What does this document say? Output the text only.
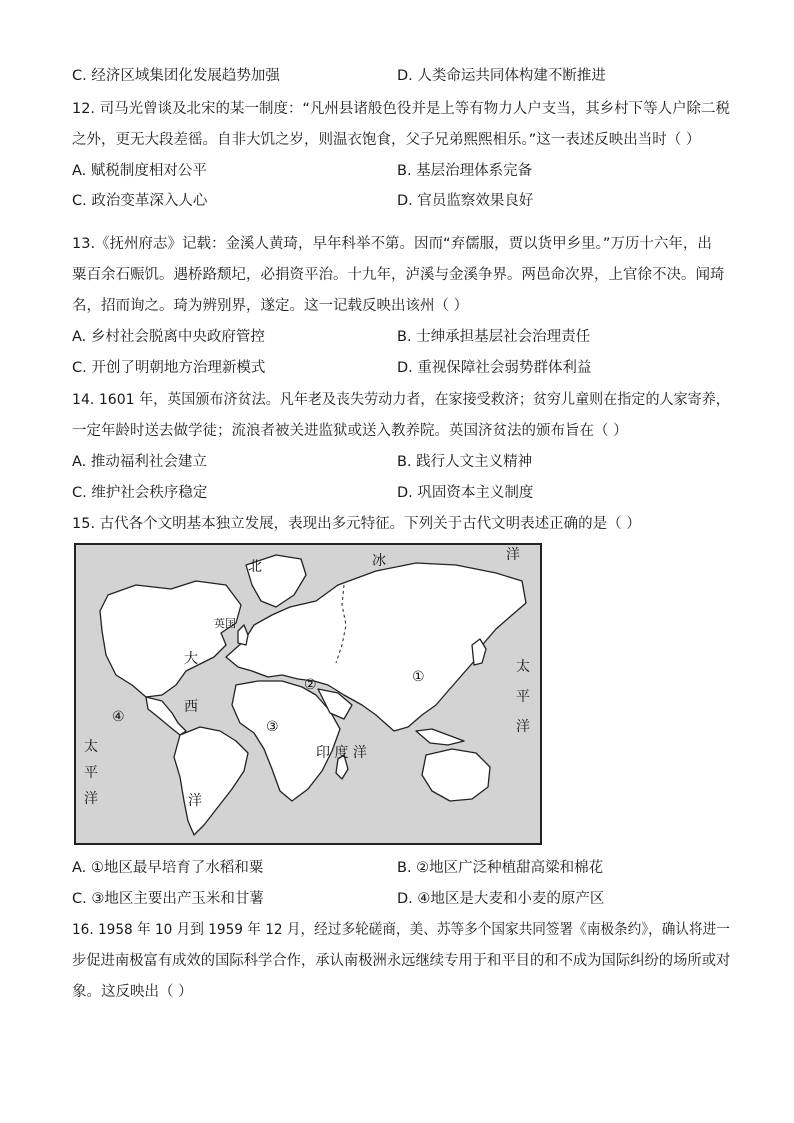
C. 经济区域集团化发展趋势加强	D. 人类命运共同体构建不断推进
12. 司马光曾谈及北宋的某一制度：“凡州县诸般色役并是上等有物力人户支当，其乡村下等人户除二税
之外，更无大段差徭。自非大饥之岁，则温衣饱食，父子兄弟熙熙相乐。”这一表述反映出当时（ ）
A. 赋税制度相对公平	B. 基层治理体系完备
C. 政治变革深入人心	D. 官员监察效果良好
13.《抚州府志》记载：金溪人黄琦，早年科举不第。因而“弃儒服，贾以货甲乡里。”万历十六年，出
粟百余石赈饥。遇桥路颓圮，必捐资平治。十九年，泸溪与金溪争界。两邑命次界，上官徐不决。闻琦
名，招而询之。琦为辨别界，遂定。这一记载反映出该州（ ）
A. 乡村社会脱离中央政府管控	B. 士绅承担基层社会治理责任
C. 开创了明朝地方治理新模式	D. 重视保障社会弱势群体利益
14. 1601 年，英国颁布济贫法。凡年老及丧失劳动力者，在家接受救济；贫穷儿童则在指定的人家寄养，
一定年龄时送去做学徒；流浪者被关进监狱或送入教养院。英国济贫法的颁布旨在（ ）
A. 推动福利社会建立	B. 践行人文主义精神
C. 维护社会秩序稳定	D. 巩固资本主义制度
15. 古代各个文明基本独立发展，表现出多元特征。下列关于古代文明表述正确的是（ ）
北	冰	洋
英国
大
西
洋
太
平
洋
太
平
洋
印 度 洋
①
②
③
④
A. ①地区最早培育了水稻和粟	B. ②地区广泛种植甜高粱和棉花
C. ③地区主要出产玉米和甘薯	D. ④地区是大麦和小麦的原产区
16. 1958 年 10 月到 1959 年 12 月，经过多轮磋商，美、苏等多个国家共同签署《南极条约》，确认将进一
步促进南极富有成效的国际科学合作，承认南极洲永远继续专用于和平目的和不成为国际纠纷的场所或对
象。这反映出（ ）
